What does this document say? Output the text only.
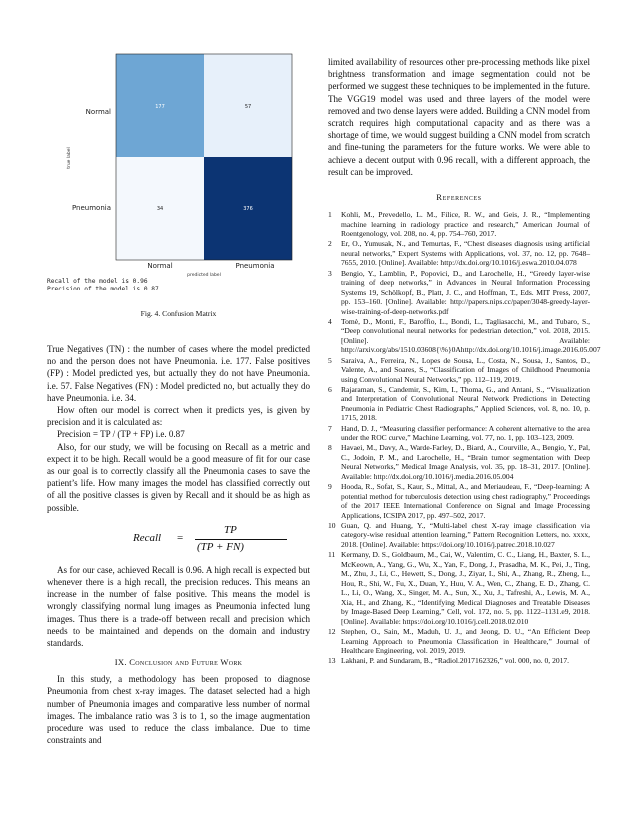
true label
177	57
34	376
Normal
Pneumonia
Normal	Pneumonia
predicted label
Recall of the model is 0.96
Precision of the model is 0.87

True Negatives (TN) : the number of cases where the model predicted no and the person does not have Pneumonia. i.e. 177. False positives (FP) : Model predicted yes, but actually they do not have Pneumonia. i.e. 57. False Negatives (FN) : Model predicted no, but actually they do have Pneumonia. i.e. 34.

How often our model is correct when it predicts yes, is given by precision and it is calculated as:

Precision = TP / (TP + FP) i.e. 0.87

Also, for our study, we will be focusing on Recall as a metric and expect it to be high. Recall would be a good measure of fit for our case as our goal is to correctly classify all the Pneumonia cases to save the patient’s life. How many images the model has classified correctly out of all the positive classes is given by Recall and it should be as high as possible.

Recall =
TP
(TP + FN)

As for our case, achieved Recall is 0.96. A high recall is expected but whenever there is a high recall, the precision reduces. This means an increase in the number of false positive. This means the model is wrongly classifying normal lung images as Pneumonia infected lung images. Thus there is a trade-off between recall and precision which needs to be maintained and depends on the domain and industry standards.

IX. Conclusion and Future Work

In this study, a methodology has been proposed to diagnose Pneumonia from chest x-ray images. The dataset selected had a high number of Pneumonia images and comparative less number of normal images. The imbalance ratio was 3 is to 1, so the image augmentation procedure was used to reduce the class imbalance. Due to time constraints and

Fig. 4. Confusion Matrix

limited availability of resources other pre-processing methods like pixel brightness transformation and image segmentation could not be performed we suggest these techniques to be implemented in the future. The VGG19 model was used and three layers of the model were removed and two dense layers were added. Building a CNN model from scratch requires high computational capacity and as there was a shortage of time, we would suggest building a CNN model from scratch and fine-tuning the parameters for the future works. We were able to achieve a decent output with 0.96 recall, with a different approach, the result can be improved.

References
1 Kohli, M., Prevedello, L. M., Filice, R. W., and Geis, J. R., “Implementing machine learning in radiology practice and research,” American Journal of Roentgenology, vol. 208, no. 4, pp. 754–760, 2017.
2 Er, O., Yumusak, N., and Temurtas, F., “Chest diseases diagnosis using artificial neural networks,” Expert Systems with Applications, vol. 37, no. 12, pp. 7648–7655, 2010. [Online]. Available: http://dx.doi.org/10.1016/j.eswa.2010.04.078
3 Bengio, Y., Lamblin, P., Popovici, D., and Larochelle, H., “Greedy layer-wise training of deep networks,” in Advances in Neural Information Processing Systems 19, Schölkopf, B., Platt, J. C., and Hoffman, T., Eds. MIT Press, 2007, pp. 153–160. [Online]. Available: http://papers.nips.cc/paper/3048-greedy-layer-wise-training-of-deep-networks.pdf
4 Tomè, D., Monti, F., Baroffio, L., Bondi, L., Tagliasacchi, M., and Tubaro, S., “Deep convolutional neural networks for pedestrian detection,” vol. 2018, 2015. [Online]. Available: http://arxiv.org/abs/1510.03608{\%}0Ahttp://dx.doi.org/10.1016/j.image.2016.05.007
5 Saraiva, A., Ferreira, N., Lopes de Sousa, L., Costa, N., Sousa, J., Santos, D., Valente, A., and Soares, S., “Classification of Images of Childhood Pneumonia using Convolutional Neural Networks,” pp. 112–119, 2019.
6 Rajaraman, S., Candemir, S., Kim, I., Thoma, G., and Antani, S., “Visualization and Interpretation of Convolutional Neural Network Predictions in Detecting Pneumonia in Pediatric Chest Radiographs,” Applied Sciences, vol. 8, no. 10, p. 1715, 2018.
7 Hand, D. J., “Measuring classifier performance: A coherent alternative to the area under the ROC curve,” Machine Learning, vol. 77, no. 1, pp. 103–123, 2009.
8 Havaei, M., Davy, A., Warde-Farley, D., Biard, A., Courville, A., Bengio, Y., Pal, C., Jodoin, P. M., and Larochelle, H., “Brain tumor segmentation with Deep Neural Networks,” Medical Image Analysis, vol. 35, pp. 18–31, 2017. [Online]. Available: http://dx.doi.org/10.1016/j.media.2016.05.004
9 Hooda, R., Sofat, S., Kaur, S., Mittal, A., and Meriaudeau, F., “Deep-learning: A potential method for tuberculosis detection using chest radiography,” Proceedings of the 2017 IEEE International Conference on Signal and Image Processing Applications, ICSIPA 2017, pp. 497–502, 2017.
10 Guan, Q. and Huang, Y., “Multi-label chest X-ray image classification via category-wise residual attention learning,” Pattern Recognition Letters, no. xxxx, 2018. [Online]. Available: https://doi.org/10.1016/j.patrec.2018.10.027
11 Kermany, D. S., Goldbaum, M., Cai, W., Valentim, C. C., Liang, H., Baxter, S. L., McKeown, A., Yang, G., Wu, X., Yan, F., Dong, J., Prasadha, M. K., Pei, J., Ting, M., Zhu, J., Li, C., Hewett, S., Dong, J., Ziyar, I., Shi, A., Zhang, R., Zheng, L., Hou, R., Shi, W., Fu, X., Duan, Y., Huu, V. A., Wen, C., Zhang, E. D., Zhang, C. L., Li, O., Wang, X., Singer, M. A., Sun, X., Xu, J., Tafreshi, A., Lewis, M. A., Xia, H., and Zhang, K., “Identifying Medical Diagnoses and Treatable Diseases by Image-Based Deep Learning,” Cell, vol. 172, no. 5, pp. 1122–1131.e9, 2018. [Online]. Available: https://doi.org/10.1016/j.cell.2018.02.010
12 Stephen, O., Sain, M., Maduh, U. J., and Jeong, D. U., “An Efficient Deep Learning Approach to Pneumonia Classification in Healthcare,” Journal of Healthcare Engineering, vol. 2019, 2019.
13 Lakhani, P. and Sundaram, B., “Radiol.2017162326,” vol. 000, no. 0, 2017.
